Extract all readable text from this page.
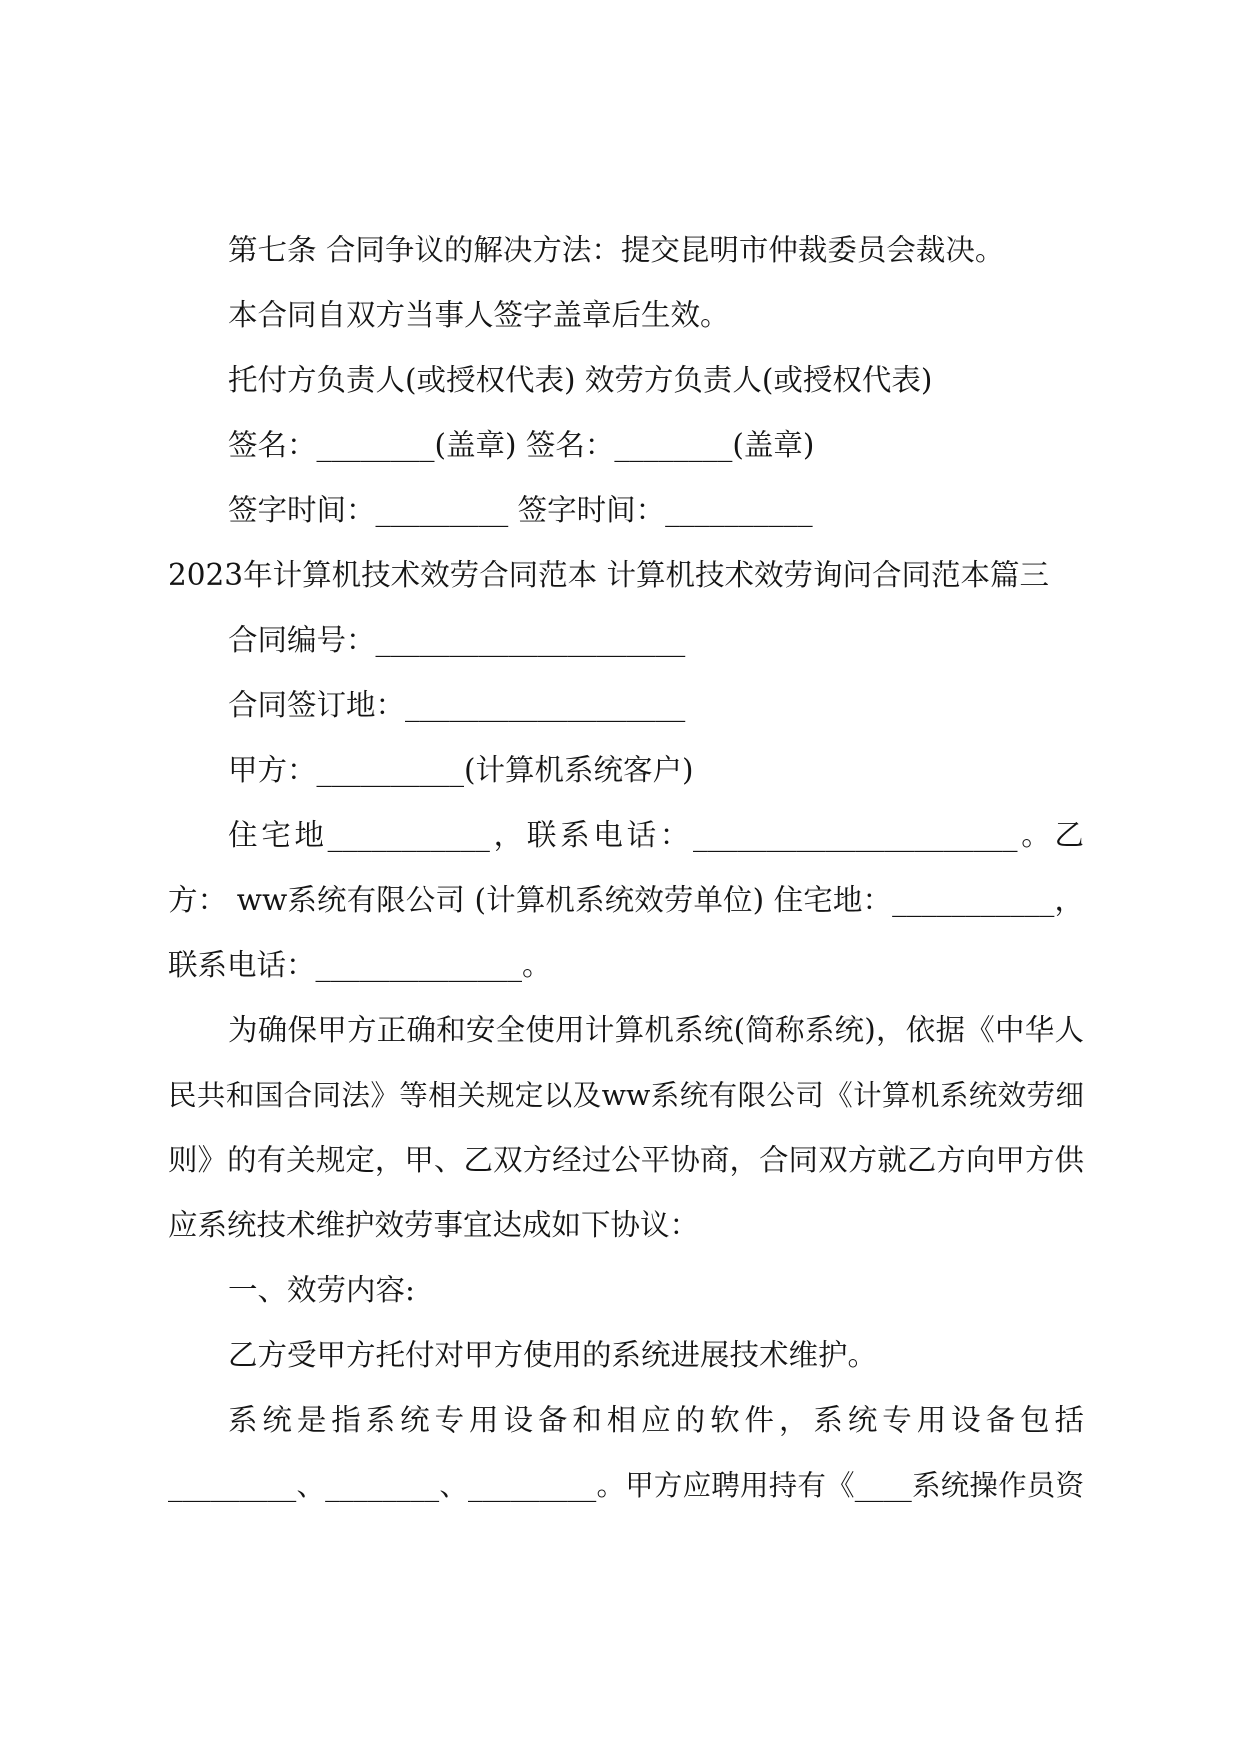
第七条 合同争议的解决方法：提交昆明市仲裁委员会裁决。

本合同自双方当事人签字盖章后生效。

托付方负责人(或授权代表) 效劳方负责人(或授权代表)

签名：________(盖章) 签名：________(盖章)

签字时间：_________ 签字时间：__________

2023年计算机技术效劳合同范本 计算机技术效劳询问合同范本篇三

合同编号：_____________________

合同签订地：___________________

甲方：__________(计算机系统客户)

住宅地___________，联系电话：______________________。乙

方： ww系统有限公司 (计算机系统效劳单位) 住宅地：___________，

联系电话：______________。

为确保甲方正确和安全使用计算机系统(简称系统)，依据《中华人

民共和国合同法》等相关规定以及ww系统有限公司《计算机系统效劳细

则》的有关规定，甲、乙双方经过公平协商，合同双方就乙方向甲方供

应系统技术维护效劳事宜达成如下协议：

一、效劳内容:

乙方受甲方托付对甲方使用的系统进展技术维护。

系统是指系统专用设备和相应的软件，系统专用设备包括

_________、________、_________。甲方应聘用持有《____系统操作员资
